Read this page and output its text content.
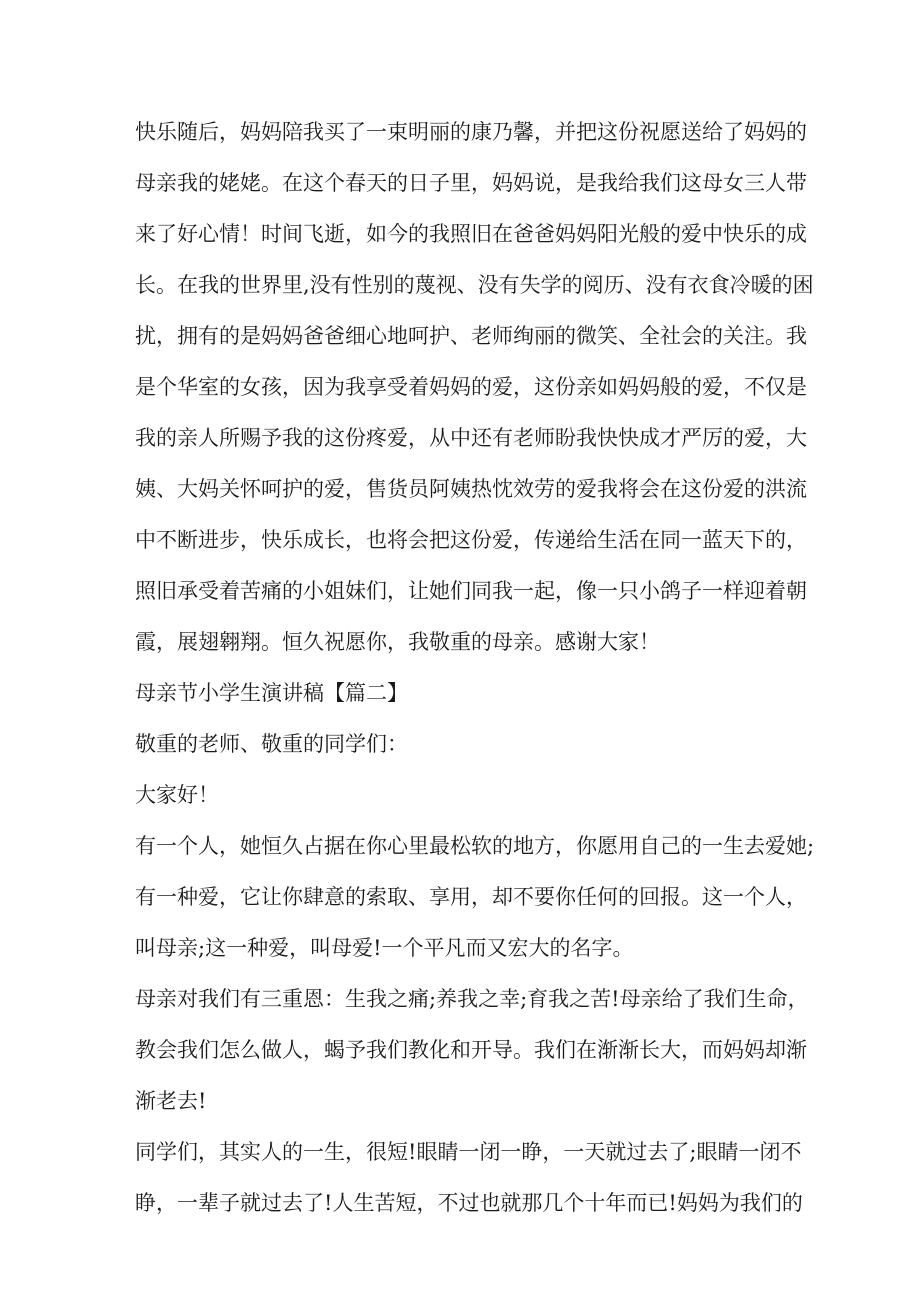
快乐随后，妈妈陪我买了一束明丽的康乃馨，并把这份祝愿送给了妈妈的
母亲我的姥姥。在这个春天的日子里，妈妈说，是我给我们这母女三人带
来了好心情！时间飞逝，如今的我照旧在爸爸妈妈阳光般的爱中快乐的成
长。在我的世界里,没有性别的蔑视、没有失学的阅历、没有衣食冷暖的困
扰，拥有的是妈妈爸爸细心地呵护、老师绚丽的微笑、全社会的关注。我
是个华室的女孩，因为我享受着妈妈的爱，这份亲如妈妈般的爱，不仅是
我的亲人所赐予我的这份疼爱，从中还有老师盼我快快成才严厉的爱，大
姨、大妈关怀呵护的爱，售货员阿姨热忱效劳的爱我将会在这份爱的洪流
中不断进步，快乐成长，也将会把这份爱，传递给生活在同一蓝天下的，
照旧承受着苦痛的小姐妹们，让她们同我一起，像一只小鸽子一样迎着朝
霞，展翅翱翔。恒久祝愿你，我敬重的母亲。感谢大家！
母亲节小学生演讲稿【篇二】
敬重的老师、敬重的同学们：
大家好！
有一个人，她恒久占据在你心里最松软的地方，你愿用自己的一生去爱她;
有一种爱，它让你肆意的索取、享用，却不要你任何的回报。这一个人，
叫母亲;这一种爱，叫母爱!一个平凡而又宏大的名字。
母亲对我们有三重恩：生我之痛;养我之幸;育我之苦!母亲给了我们生命，
教会我们怎么做人，蝎予我们教化和开导。我们在渐渐长大，而妈妈却渐
渐老去!
同学们，其实人的一生，很短!眼睛一闭一睁，一天就过去了;眼睛一闭不
睁，一辈子就过去了!人生苦短，不过也就那几个十年而已!妈妈为我们的
